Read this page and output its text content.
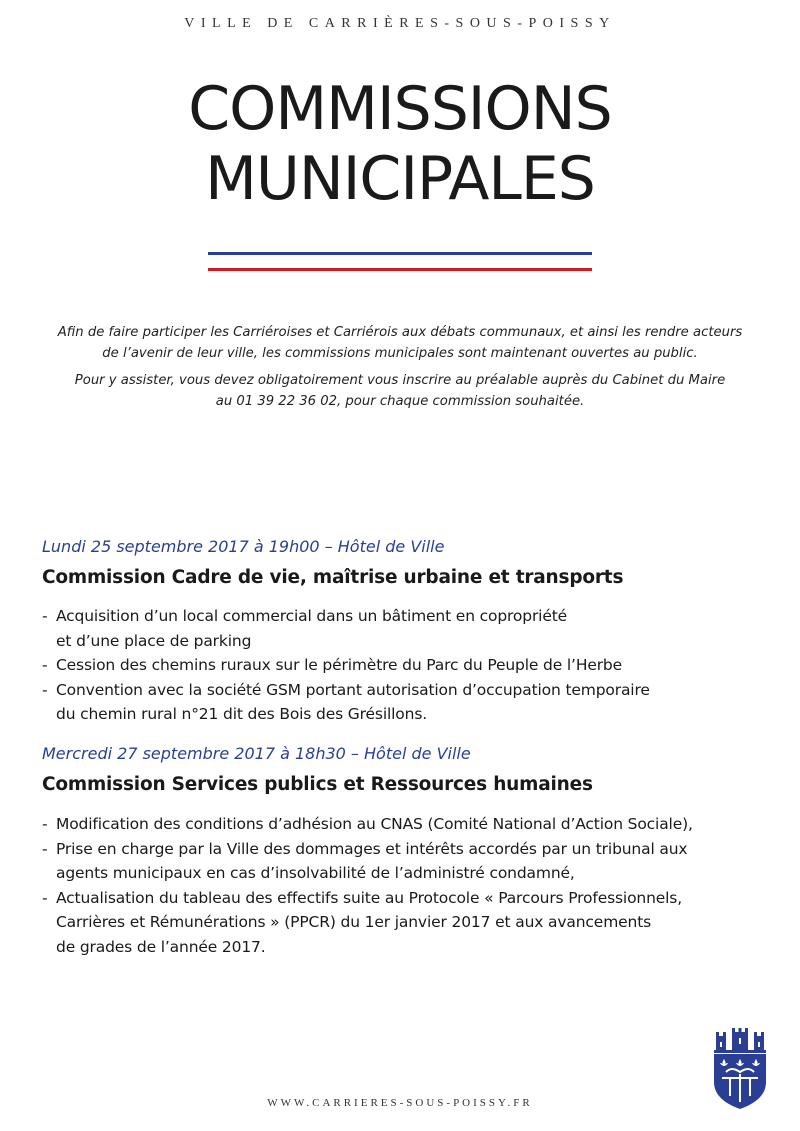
VILLE DE CARRIÈRES-SOUS-POISSY
COMMISSIONS
MUNICIPALES

Afin de faire participer les Carriéroises et Carriérois aux débats communaux, et ainsi les rendre acteurs
de l’avenir de leur ville, les commissions municipales sont maintenant ouvertes au public.

Pour y assister, vous devez obligatoirement vous inscrire au préalable auprès du Cabinet du Maire
au 01 39 22 36 02, pour chaque commission souhaitée.

Lundi 25 septembre 2017 à 19h00 – Hôtel de Ville
Commission Cadre de vie, maîtrise urbaine et transports
- Acquisition d’un local commercial dans un bâtiment en copropriété
et d’une place de parking
- Cession des chemins ruraux sur le périmètre du Parc du Peuple de l’Herbe
- Convention avec la société GSM portant autorisation d’occupation temporaire
du chemin rural n°21 dit des Bois des Grésillons.
Mercredi 27 septembre 2017 à 18h30 – Hôtel de Ville
Commission Services publics et Ressources humaines
- Modification des conditions d’adhésion au CNAS (Comité National d’Action Sociale),
- Prise en charge par la Ville des dommages et intérêts accordés par un tribunal aux
agents municipaux en cas d’insolvabilité de l’administré condamné,
- Actualisation du tableau des effectifs suite au Protocole « Parcours Professionnels,
Carrières et Rémunérations » (PPCR) du 1er janvier 2017 et aux avancements
de grades de l’année 2017.
WWW.CARRIERES-SOUS-POISSY.FR
